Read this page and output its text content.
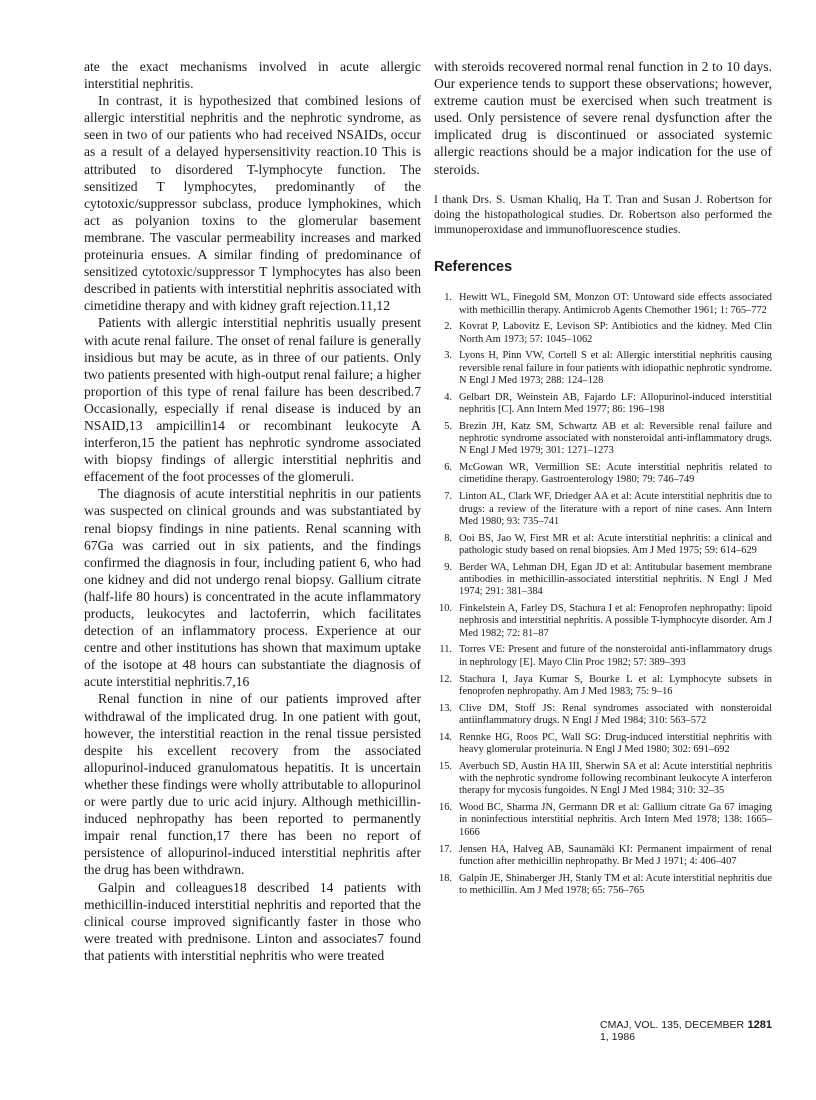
ate the exact mechanisms involved in acute allergic interstitial nephritis.

In contrast, it is hypothesized that combined lesions of allergic interstitial nephritis and the nephrotic syndrome, as seen in two of our patients who had received NSAIDs, occur as a result of a delayed hypersensitivity reaction.10 This is attributed to disordered T-lymphocyte function. The sensitized T lymphocytes, predominantly of the cytotoxic/suppressor subclass, produce lymphokines, which act as polyanion toxins to the glomerular basement membrane. The vascular permeability increases and marked proteinuria ensues. A similar finding of predominance of sensitized cytotoxic/suppressor T lymphocytes has also been described in patients with interstitial nephritis associated with cimetidine therapy and with kidney graft rejection.11,12

Patients with allergic interstitial nephritis usually present with acute renal failure. The onset of renal failure is generally insidious but may be acute, as in three of our patients. Only two patients presented with high-output renal failure; a higher proportion of this type of renal failure has been described.7 Occasionally, especially if renal disease is induced by an NSAID,13 ampicillin14 or recombinant leukocyte A interferon,15 the patient has nephrotic syndrome associated with biopsy findings of allergic interstitial nephritis and effacement of the foot processes of the glomeruli.

The diagnosis of acute interstitial nephritis in our patients was suspected on clinical grounds and was substantiated by renal biopsy findings in nine patients. Renal scanning with 67Ga was carried out in six patients, and the findings confirmed the diagnosis in four, including patient 6, who had one kidney and did not undergo renal biopsy. Gallium citrate (half-life 80 hours) is concentrated in the acute inflammatory products, leukocytes and lactoferrin, which facilitates detection of an inflammatory process. Experience at our centre and other institutions has shown that maximum uptake of the isotope at 48 hours can substantiate the diagnosis of acute interstitial nephritis.7,16

Renal function in nine of our patients improved after withdrawal of the implicated drug. In one patient with gout, however, the interstitial reaction in the renal tissue persisted despite his excellent recovery from the associated allopurinol-induced granulomatous hepatitis. It is uncertain whether these findings were wholly attributable to allopurinol or were partly due to uric acid injury. Although methicillin-induced nephropathy has been reported to permanently impair renal function,17 there has been no report of persistence of allopurinol-induced interstitial nephritis after the drug has been withdrawn.

Galpin and colleagues18 described 14 patients with methicillin-induced interstitial nephritis and reported that the clinical course improved significantly faster in those who were treated with prednisone. Linton and associates7 found that patients with interstitial nephritis who were treated

with steroids recovered normal renal function in 2 to 10 days. Our experience tends to support these observations; however, extreme caution must be exercised when such treatment is used. Only persistence of severe renal dysfunction after the implicated drug is discontinued or associated systemic allergic reactions should be a major indication for the use of steroids.

I thank Drs. S. Usman Khaliq, Ha T. Tran and Susan J. Robertson for doing the histopathological studies. Dr. Robertson also performed the immunoperoxidase and immunofluorescence studies.

References
1. Hewitt WL, Finegold SM, Monzon OT: Untoward side effects associated with methicillin therapy. Antimicrob Agents Chemother 1961; 1: 765–772
2. Kovrat P, Labovitz E, Levison SP: Antibiotics and the kidney. Med Clin North Am 1973; 57: 1045–1062
3. Lyons H, Pinn VW, Cortell S et al: Allergic interstitial nephritis causing reversible renal failure in four patients with idiopathic nephrotic syndrome. N Engl J Med 1973; 288: 124–128
4. Gelbart DR, Weinstein AB, Fajardo LF: Allopurinol-induced interstitial nephritis [C]. Ann Intern Med 1977; 86: 196–198
5. Brezin JH, Katz SM, Schwartz AB et al: Reversible renal failure and nephrotic syndrome associated with nonsteroidal anti-inflammatory drugs. N Engl J Med 1979; 301: 1271–1273
6. McGowan WR, Vermillion SE: Acute interstitial nephritis related to cimetidine therapy. Gastroenterology 1980; 79: 746–749
7. Linton AL, Clark WF, Driedger AA et al: Acute interstitial nephritis due to drugs: a review of the literature with a report of nine cases. Ann Intern Med 1980; 93: 735–741
8. Ooi BS, Jao W, First MR et al: Acute interstitial nephritis: a clinical and pathologic study based on renal biopsies. Am J Med 1975; 59: 614–629
9. Berder WA, Lehman DH, Egan JD et al: Antitubular basement membrane antibodies in methicillin-associated interstitial nephritis. N Engl J Med 1974; 291: 381–384
10. Finkelstein A, Farley DS, Stachura I et al: Fenoprofen nephropathy: lipoid nephrosis and interstitial nephritis. A possible T-lymphocyte disorder. Am J Med 1982; 72: 81–87
11. Torres VE: Present and future of the nonsteroidal anti-inflammatory drugs in nephrology [E]. Mayo Clin Proc 1982; 57: 389–393
12. Stachura I, Jaya Kumar S, Bourke L et al: Lymphocyte subsets in fenoprofen nephropathy. Am J Med 1983; 75: 9–16
13. Clive DM, Stoff JS: Renal syndromes associated with nonsteroidal antiinflammatory drugs. N Engl J Med 1984; 310: 563–572
14. Rennke HG, Roos PC, Wall SG: Drug-induced interstitial nephritis with heavy glomerular proteinuria. N Engl J Med 1980; 302: 691–692
15. Averbuch SD, Austin HA III, Sherwin SA et al: Acute interstitial nephritis with the nephrotic syndrome following recombinant leukocyte A interferon therapy for mycosis fungoides. N Engl J Med 1984; 310: 32–35
16. Wood BC, Sharma JN, Germann DR et al: Gallium citrate Ga 67 imaging in noninfectious interstitial nephritis. Arch Intern Med 1978; 138: 1665–1666
17. Jensen HA, Halveg AB, Saunamäki KI: Permanent impairment of renal function after methicillin nephropathy. Br Med J 1971; 4: 406–407
18. Galpin JE, Shinaberger JH, Stanly TM et al: Acute interstitial nephritis due to methicillin. Am J Med 1978; 65: 756–765
CMAJ, VOL. 135, DECEMBER 1, 1986
1281
